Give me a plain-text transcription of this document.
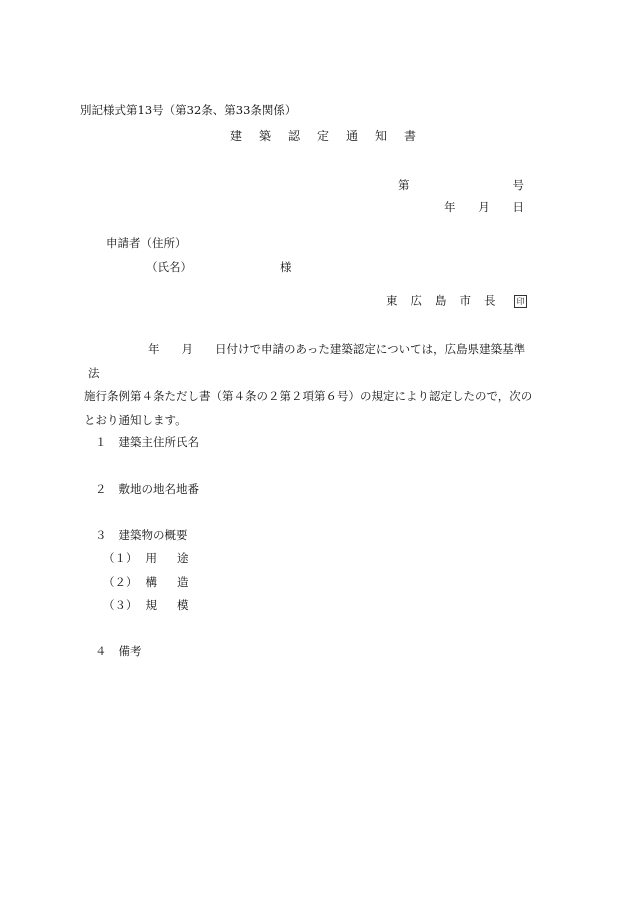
別記様式第13号（第32条、第33条関係）
建築認定通知書
第	号
年 月 日
申請者（住所）
（氏名）	様
東広島市長 印
年 月 日付けで申請のあった建築認定については，広島県建築基準法
施行条例第４条ただし書（第４条の２第２項第６号）の規定により認定したので，次の
とおり通知します。
１ 建築主住所氏名
２ 敷地の地名地番
３ 建築物の概要
（１） 用途
（２） 構造
（３） 規模
４ 備考
